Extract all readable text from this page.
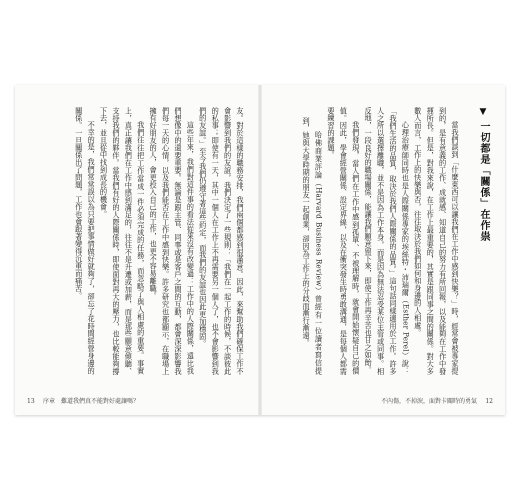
友。對於這樣的職務安排，我們兩個都感到很滿意。因此，來幫助我們確保工作不會影響到我們的友誼，我們決定了一些規則：「我們在一起工作的時候，不談彼此的私事；即使有一天，其中一個人在工作上不再需要另一個人了，也不會影響到我們的友誼。」至今我們仍遵守著這些約定，而我們的友誼也因此更加穩固。

這些年來，我們對這件事的看法從來沒有改變過：工作中的人際關係，遠比我們想像中的還要重要。無論是跟主管、同事或是客戶之間的互動，都會深深影響我們每一天的心情，以及我們能否在工作中感到快樂。許多研究也都顯示，在職場上擁有好朋友的人，會更投入自己的工作，也更不容易離職。

我們往往把工作當成一件必須完成的任務，而忽略了與人相處的重要。事實上，真正讓我們在工作中感到滿足的，往往不是升遷或加薪，而是那些願意傾聽、支持我們的夥伴。當我們有好的人際關係時，即使面對再大的壓力，也比較能夠撐下去，並且從中找到成長的機會。

不幸的是，我們常常誤以為只要把事情做好就夠了，卻忘了花時間經營身邊的關係。一旦關係出了問題，工作也會跟著變得沉重而痛苦。

13 序章　難道我們真不能對好處讓嗎？
▼一切都是「關係」在作祟

當我們談到「什麼東西可以讓我們在工作中感到快樂？」時，經常會被專家提到的，是有意義的工作、成就感、知道自己的努力有所回報，以及能夠在工作中發揮所長。但是，對我來說，在工作上最重要的，其實是跟同事之間的關係。對大多數人而言，工作上的快樂與否，往往取決於我們如何和身邊的人相處。

心理治療師同時也是人際關係專家的埃絲特・沛瑞爾（Esther Perel）說：「我們生活的品質，取決於我們人際關係的品質。」這句話同樣適用於工作。許多人之所以選擇離職，並不是因為工作本身，而是因為無法忍受某位主管或同事。相反地，一段良好的職場關係，能讓我們願意留下來，即使工作再辛苦也甘之如飴。

我們發現，當人們在工作中感到孤單、不被理解時，就會開始懷疑自己的價值。因此，學會經營關係、設定界線，以及在衝突發生時勇敢溝通，是每個人都需要練習的課題。

哈佛商業評論（Harvard Business Review）曾經有一位讀者寫信提到，她與大學時期的朋友一起創業，卻因為工作上的分歧而漸行漸遠。

12
不內傷，不掉淚，面對卡關時的勇氣
